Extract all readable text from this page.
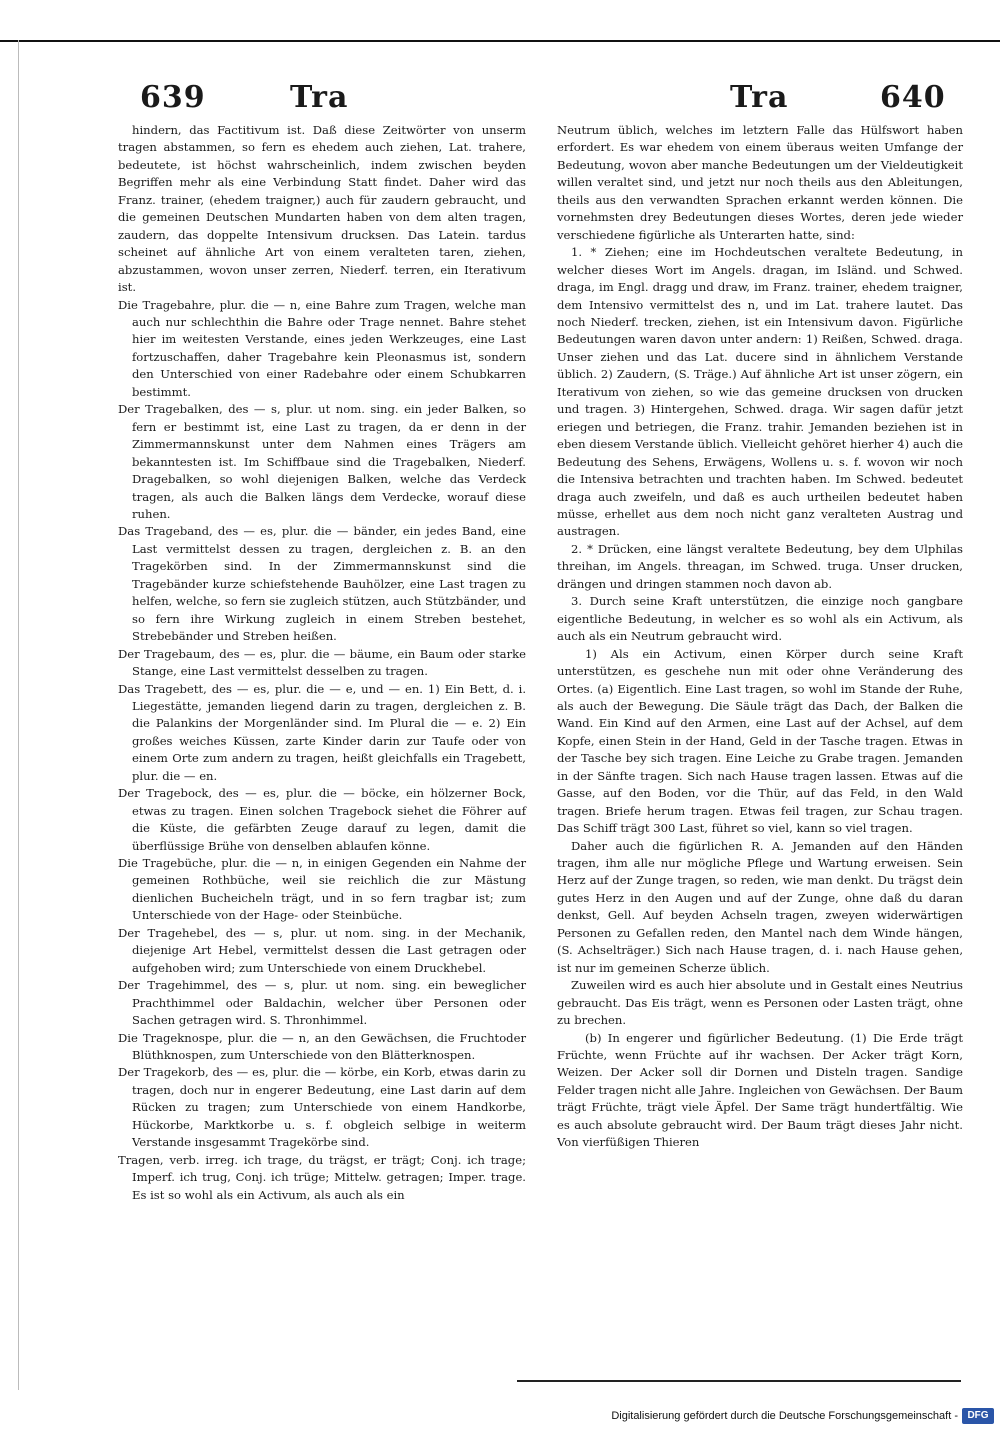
639	Tra	Tra	640

hindern, das Factitivum ist. Daß diese Zeitwörter von unserm tragen abstammen, so fern es ehedem auch ziehen, Lat. trahere, bedeutete, ist höchst wahrscheinlich, indem zwischen beyden Begriffen mehr als eine Verbindung Statt findet. Daher wird das Franz. trainer, (ehedem traigner,) auch für zaudern gebraucht, und die gemeinen Deutschen Mundarten haben von dem alten tragen, zaudern, das doppelte Intensivum drucksen. Das Latein. tardus scheinet auf ähnliche Art von einem veralteten taren, ziehen, abzustammen, wovon unser zerren, Niederf. terren, ein Iterativum ist.

Die Tragebahre, plur. die — n, eine Bahre zum Tragen, welche man auch nur schlechthin die Bahre oder Trage nennet. Bahre stehet hier im weitesten Verstande, eines jeden Werkzeuges, eine Last fortzuschaffen, daher Tragebahre kein Pleonasmus ist, sondern den Unterschied von einer Radebahre oder einem Schubkarren bestimmt.

Der Tragebalken, des — s, plur. ut nom. sing. ein jeder Balken, so fern er bestimmt ist, eine Last zu tragen, da er denn in der Zimmermannskunst unter dem Nahmen eines Trägers am bekanntesten ist. Im Schiffbaue sind die Tragebalken, Niederf. Dragebalken, so wohl diejenigen Balken, welche das Verdeck tragen, als auch die Balken längs dem Verdecke, worauf diese ruhen.

Das Trageband, des — es, plur. die — bänder, ein jedes Band, eine Last vermittelst dessen zu tragen, dergleichen z. B. an den Tragekörben sind. In der Zimmermannskunst sind die Tragebänder kurze schiefstehende Bauhölzer, eine Last tragen zu helfen, welche, so fern sie zugleich stützen, auch Stützbänder, und so fern ihre Wirkung zugleich in einem Streben bestehet, Strebebänder und Streben heißen.

Der Tragebaum, des — es, plur. die — bäume, ein Baum oder starke Stange, eine Last vermittelst desselben zu tragen.

Das Tragebett, des — es, plur. die — e, und — en. 1) Ein Bett, d. i. Liegestätte, jemanden liegend darin zu tragen, dergleichen z. B. die Palankins der Morgenländer sind. Im Plural die — e. 2) Ein großes weiches Küssen, zarte Kinder darin zur Taufe oder von einem Orte zum andern zu tragen, heißt gleichfalls ein Tragebett, plur. die — en.

Der Tragebock, des — es, plur. die — böcke, ein hölzerner Bock, etwas zu tragen. Einen solchen Tragebock siehet die Föhrer auf die Küste, die gefärbten Zeuge darauf zu legen, damit die überflüssige Brühe von denselben ablaufen könne.

Die Tragebüche, plur. die — n, in einigen Gegenden ein Nahme der gemeinen Rothbüche, weil sie reichlich die zur Mästung dienlichen Bucheicheln trägt, und in so fern tragbar ist; zum Unterschiede von der Hage- oder Steinbüche.

Der Tragehebel, des — s, plur. ut nom. sing. in der Mechanik, diejenige Art Hebel, vermittelst dessen die Last getragen oder aufgehoben wird; zum Unterschiede von einem Druckhebel.

Der Tragehimmel, des — s, plur. ut nom. sing. ein beweglicher Prachthimmel oder Baldachin, welcher über Personen oder Sachen getragen wird. S. Thronhimmel.

Die Trageknospe, plur. die — n, an den Gewächsen, die Fruchtoder Blüthknospen, zum Unterschiede von den Blätterknospen.

Der Tragekorb, des — es, plur. die — körbe, ein Korb, etwas darin zu tragen, doch nur in engerer Bedeutung, eine Last darin auf dem Rücken zu tragen; zum Unterschiede von einem Handkorbe, Hückorbe, Marktkorbe u. s. f. obgleich selbige in weiterm Verstande insgesammt Tragekörbe sind.

Tragen, verb. irreg. ich trage, du trägst, er trägt; Conj. ich trage; Imperf. ich trug, Conj. ich trüge; Mittelw. getragen; Imper. trage. Es ist so wohl als ein Activum, als auch als ein

Neutrum üblich, welches im letztern Falle das Hülfswort haben erfordert. Es war ehedem von einem überaus weiten Umfange der Bedeutung, wovon aber manche Bedeutungen um der Vieldeutigkeit willen veraltet sind, und jetzt nur noch theils aus den Ableitungen, theils aus den verwandten Sprachen erkannt werden können. Die vornehmsten drey Bedeutungen dieses Wortes, deren jede wieder verschiedene figürliche als Unterarten hatte, sind:

1. * Ziehen; eine im Hochdeutschen veraltete Bedeutung, in welcher dieses Wort im Angels. dragan, im Isländ. und Schwed. draga, im Engl. dragg und draw, im Franz. trainer, ehedem traigner, dem Intensivo vermittelst des n, und im Lat. trahere lautet. Das noch Niederf. trecken, ziehen, ist ein Intensivum davon. Figürliche Bedeutungen waren davon unter andern: 1) Reißen, Schwed. draga. Unser ziehen und das Lat. ducere sind in ähnlichem Verstande üblich. 2) Zaudern, (S. Träge.) Auf ähnliche Art ist unser zögern, ein Iterativum von ziehen, so wie das gemeine drucksen von drucken und tragen. 3) Hintergehen, Schwed. draga. Wir sagen dafür jetzt eriegen und betriegen, die Franz. trahir. Jemanden beziehen ist in eben diesem Verstande üblich. Vielleicht gehöret hierher 4) auch die Bedeutung des Sehens, Erwägens, Wollens u. s. f. wovon wir noch die Intensiva betrachten und trachten haben. Im Schwed. bedeutet draga auch zweifeln, und daß es auch urtheilen bedeutet haben müsse, erhellet aus dem noch nicht ganz veralteten Austrag und austragen.

2. * Drücken, eine längst veraltete Bedeutung, bey dem Ulphilas threihan, im Angels. threagan, im Schwed. truga. Unser drucken, drängen und dringen stammen noch davon ab.

3. Durch seine Kraft unterstützen, die einzige noch gangbare eigentliche Bedeutung, in welcher es so wohl als ein Activum, als auch als ein Neutrum gebraucht wird.

1) Als ein Activum, einen Körper durch seine Kraft unterstützen, es geschehe nun mit oder ohne Veränderung des Ortes. (a) Eigentlich. Eine Last tragen, so wohl im Stande der Ruhe, als auch der Bewegung. Die Säule trägt das Dach, der Balken die Wand. Ein Kind auf den Armen, eine Last auf der Achsel, auf dem Kopfe, einen Stein in der Hand, Geld in der Tasche tragen. Etwas in der Tasche bey sich tragen. Eine Leiche zu Grabe tragen. Jemanden in der Sänfte tragen. Sich nach Hause tragen lassen. Etwas auf die Gasse, auf den Boden, vor die Thür, auf das Feld, in den Wald tragen. Briefe herum tragen. Etwas feil tragen, zur Schau tragen. Das Schiff trägt 300 Last, führet so viel, kann so viel tragen.

Daher auch die figürlichen R. A. Jemanden auf den Händen tragen, ihm alle nur mögliche Pflege und Wartung erweisen. Sein Herz auf der Zunge tragen, so reden, wie man denkt. Du trägst dein gutes Herz in den Augen und auf der Zunge, ohne daß du daran denkst, Gell. Auf beyden Achseln tragen, zweyen widerwärtigen Personen zu Gefallen reden, den Mantel nach dem Winde hängen, (S. Achselträger.) Sich nach Hause tragen, d. i. nach Hause gehen, ist nur im gemeinen Scherze üblich.

Zuweilen wird es auch hier absolute und in Gestalt eines Neutrius gebraucht. Das Eis trägt, wenn es Personen oder Lasten trägt, ohne zu brechen.

(b) In engerer und figürlicher Bedeutung. (1) Die Erde trägt Früchte, wenn Früchte auf ihr wachsen. Der Acker trägt Korn, Weizen. Der Acker soll dir Dornen und Disteln tragen. Sandige Felder tragen nicht alle Jahre. Ingleichen von Gewächsen. Der Baum trägt Früchte, trägt viele Äpfel. Der Same trägt hundertfältig. Wie es auch absolute gebraucht wird. Der Baum trägt dieses Jahr nicht. Von vierfüßigen Thieren

Digitalisierung gefördert durch die Deutsche Forschungsgemeinschaft - DFG
